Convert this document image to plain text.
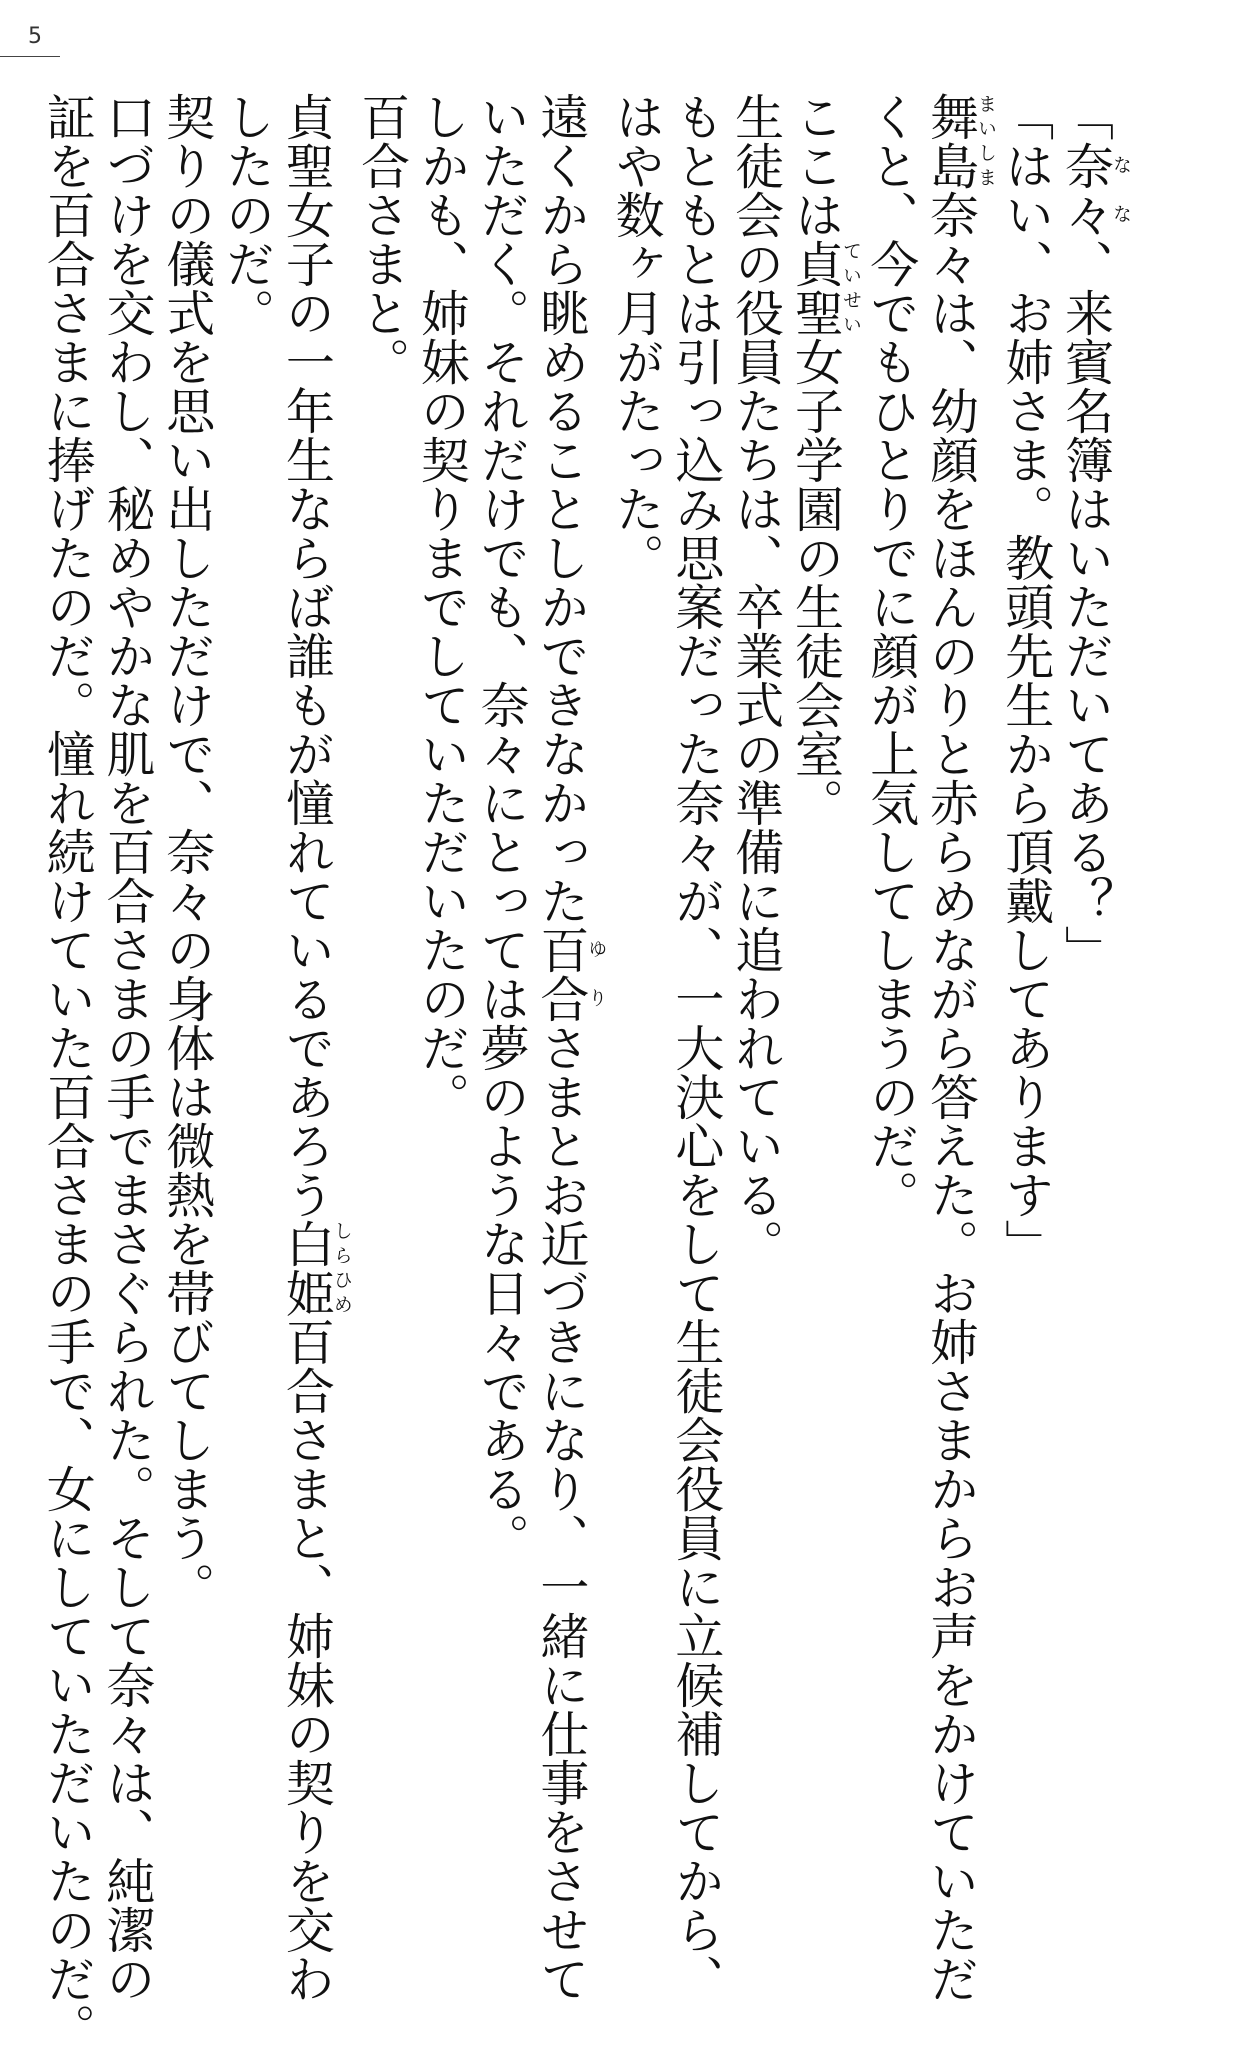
5
「奈々なな、来賓名簿はいただいてある？」
「はい、お姉さま。教頭先生から頂戴してあります」
舞島まいしま奈々は、幼顔をほんのりと赤らめながら答えた。お姉さまからお声をかけていただ
くと、今でもひとりでに顔が上気してしまうのだ。
ここは貞聖ていせい女子学園の生徒会室。
生徒会の役員たちは、卒業式の準備に追われている。
もともとは引っ込み思案だった奈々が、一大決心をして生徒会役員に立候補してから、
はや数ヶ月がたった。
遠くから眺めることしかできなかった百合ゆりさまとお近づきになり、一緒に仕事をさせて
いただく。それだけでも、奈々にとっては夢のような日々である。
しかも、姉妹の契りまでしていただいたのだ。
百合さまと。
貞聖女子の一年生ならば誰もが憧れているであろう白姫しらひめ百合さまと、姉妹の契りを交わ
したのだ。
契りの儀式を思い出しただけで、奈々の身体は微熱を帯びてしまう。
口づけを交わし、秘めやかな肌を百合さまの手でまさぐられた。そして奈々は、純潔の
証を百合さまに捧げたのだ。憧れ続けていた百合さまの手で、女にしていただいたのだ。
